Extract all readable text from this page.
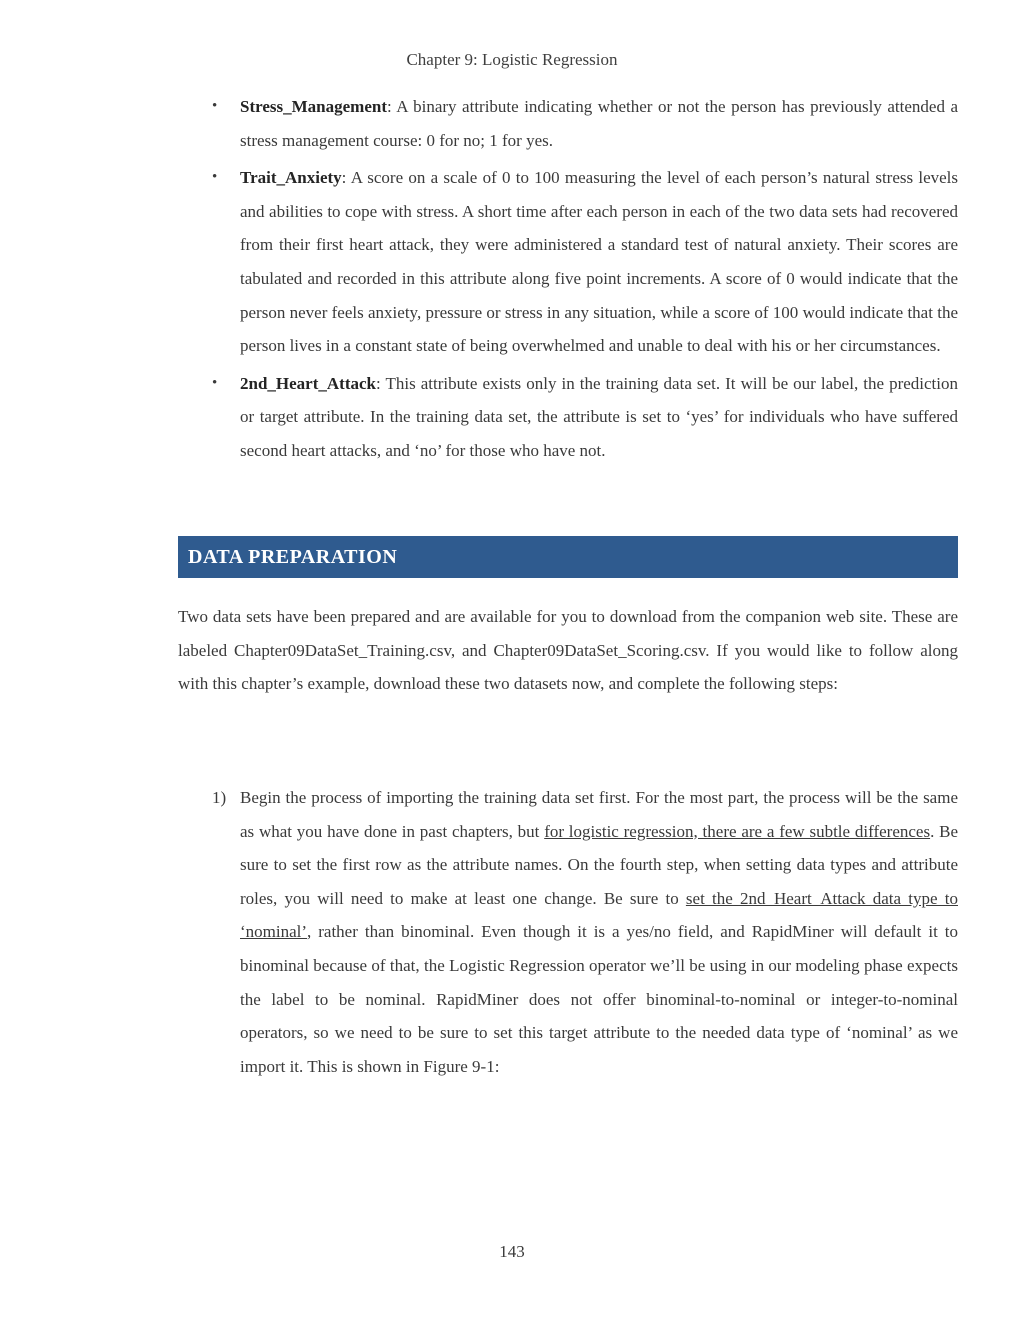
Chapter 9: Logistic Regression
• Stress_Management: A binary attribute indicating whether or not the person has previously attended a stress management course: 0 for no; 1 for yes.
• Trait_Anxiety: A score on a scale of 0 to 100 measuring the level of each person’s natural stress levels and abilities to cope with stress. A short time after each person in each of the two data sets had recovered from their first heart attack, they were administered a standard test of natural anxiety. Their scores are tabulated and recorded in this attribute along five point increments. A score of 0 would indicate that the person never feels anxiety, pressure or stress in any situation, while a score of 100 would indicate that the person lives in a constant state of being overwhelmed and unable to deal with his or her circumstances.
• 2nd_Heart_Attack: This attribute exists only in the training data set. It will be our label, the prediction or target attribute. In the training data set, the attribute is set to ‘yes’ for individuals who have suffered second heart attacks, and ‘no’ for those who have not.
DATA PREPARATION

Two data sets have been prepared and are available for you to download from the companion web site. These are labeled Chapter09DataSet_Training.csv, and Chapter09DataSet_Scoring.csv. If you would like to follow along with this chapter’s example, download these two datasets now, and complete the following steps:

1) Begin the process of importing the training data set first. For the most part, the process will be the same as what you have done in past chapters, but for logistic regression, there are a few subtle differences. Be sure to set the first row as the attribute names. On the fourth step, when setting data types and attribute roles, you will need to make at least one change. Be sure to set the 2nd_Heart_Attack data type to ‘nominal’, rather than binominal. Even though it is a yes/no field, and RapidMiner will default it to binominal because of that, the Logistic Regression operator we’ll be using in our modeling phase expects the label to be nominal. RapidMiner does not offer binominal-to-nominal or integer-to-nominal operators, so we need to be sure to set this target attribute to the needed data type of ‘nominal’ as we import it. This is shown in Figure 9-1:
143
